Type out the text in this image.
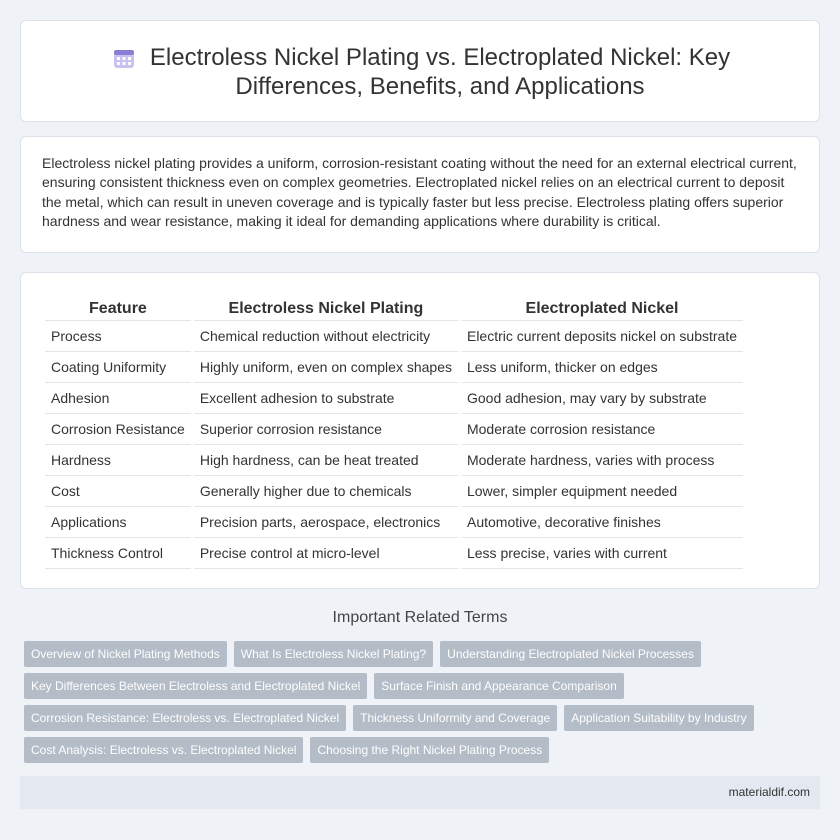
Electroless Nickel Plating vs. Electroplated Nickel: Key Differences, Benefits, and Applications

Electroless nickel plating provides a uniform, corrosion-resistant coating without the need for an external electrical current, ensuring consistent thickness even on complex geometries. Electroplated nickel relies on an electrical current to deposit the metal, which can result in uneven coverage and is typically faster but less precise. Electroless plating offers superior hardness and wear resistance, making it ideal for demanding applications where durability is critical.

Feature	Electroless Nickel Plating	Electroplated Nickel
Process	Chemical reduction without electricity	Electric current deposits nickel on substrate
Coating Uniformity	Highly uniform, even on complex shapes	Less uniform, thicker on edges
Adhesion	Excellent adhesion to substrate	Good adhesion, may vary by substrate
Corrosion Resistance	Superior corrosion resistance	Moderate corrosion resistance
Hardness	High hardness, can be heat treated	Moderate hardness, varies with process
Cost	Generally higher due to chemicals	Lower, simpler equipment needed
Applications	Precision parts, aerospace, electronics	Automotive, decorative finishes
Thickness Control	Precise control at micro-level	Less precise, varies with current
Important Related Terms
Overview of Nickel Plating Methods	What Is Electroless Nickel Plating?	Understanding Electroplated Nickel Processes
Key Differences Between Electroless and Electroplated Nickel	Surface Finish and Appearance Comparison
Corrosion Resistance: Electroless vs. Electroplated Nickel	Thickness Uniformity and Coverage	Application Suitability by Industry
Cost Analysis: Electroless vs. Electroplated Nickel	Choosing the Right Nickel Plating Process
materialdif.com
